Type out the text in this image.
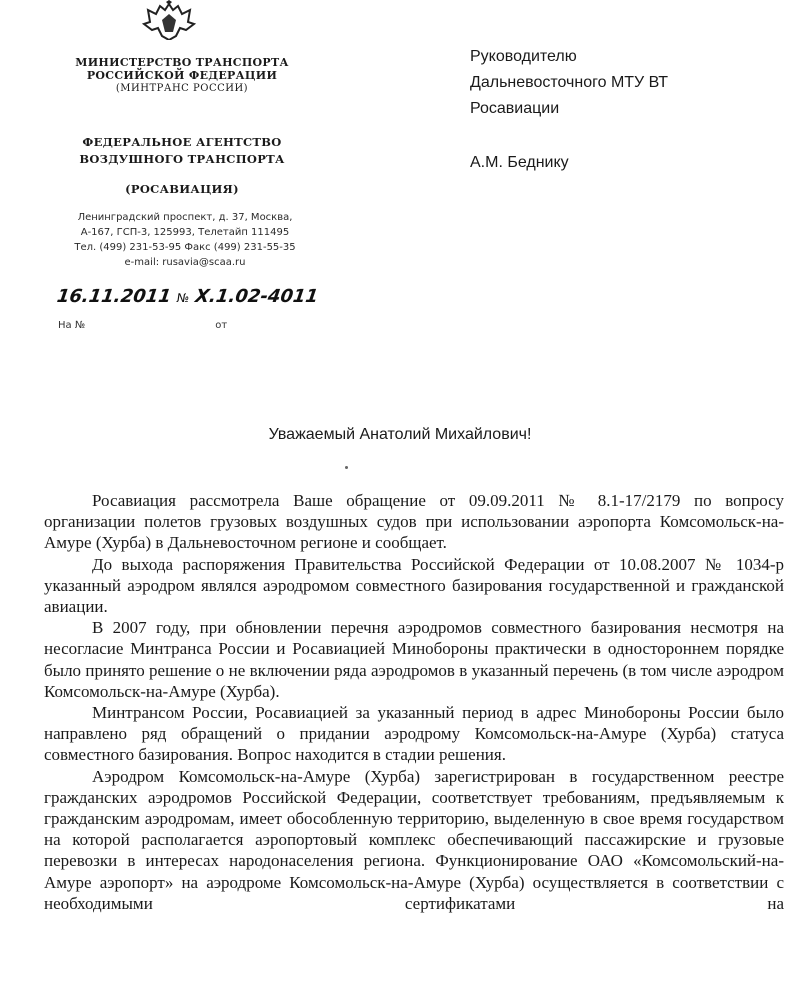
МИНИСТЕРСТВО ТРАНСПОРТА
РОССИЙСКОЙ ФЕДЕРАЦИИ
(МИНТРАНС РОССИИ)
ФЕДЕРАЛЬНОЕ АГЕНТСТВО
ВОЗДУШНОГО ТРАНСПОРТА
(РОСАВИАЦИЯ)
Ленинградский проспект, д. 37, Москва,
А-167, ГСП-3, 125993, Телетайп 111495
Тел. (499) 231-53-95 Факс (499) 231-55-35
e-mail: rusavia@scaa.ru
16.11.2011 № Х.1.02-4011
На №	от
Руководителю
Дальневосточного МТУ ВТ
Росавиации
А.М. Беднику
Уважаемый Анатолий Михайлович!

Росавиация рассмотрела Ваше обращение от 09.09.2011 № 8.1-17/2179 по вопросу организации полетов грузовых воздушных судов при использовании аэропорта Комсомольск-на-Амуре (Хурба) в Дальневосточном регионе и сообщает.

До выхода распоряжения Правительства Российской Федерации от 10.08.2007 № 1034-р указанный аэродром являлся аэродромом совместного базирования государственной и гражданской авиации.

В 2007 году, при обновлении перечня аэродромов совместного базирования несмотря на несогласие Минтранса России и Росавиацией Минобороны практически в одностороннем порядке было принято решение о не включении ряда аэродромов в указанный перечень (в том числе аэродром Комсомольск-на-Амуре (Хурба).

Минтрансом России, Росавиацией за указанный период в адрес Минобороны России было направлено ряд обращений о придании аэродрому Комсомольск-на-Амуре (Хурба) статуса совместного базирования. Вопрос находится в стадии решения.

Аэродром Комсомольск-на-Амуре (Хурба) зарегистрирован в государственном реестре гражданских аэродромов Российской Федерации, соответствует требованиям, предъявляемым к гражданским аэродромам, имеет обособленную территорию, выделенную в свое время государством на которой располагается аэропортовый комплекс обеспечивающий пассажирские и грузовые перевозки в интересах народонаселения региона. Функционирование ОАО «Комсомольский-на-Амуре аэропорт» на аэродроме Комсомольск-на-Амуре (Хурба) осуществляется в соответствии с необходимыми сертификатами на
